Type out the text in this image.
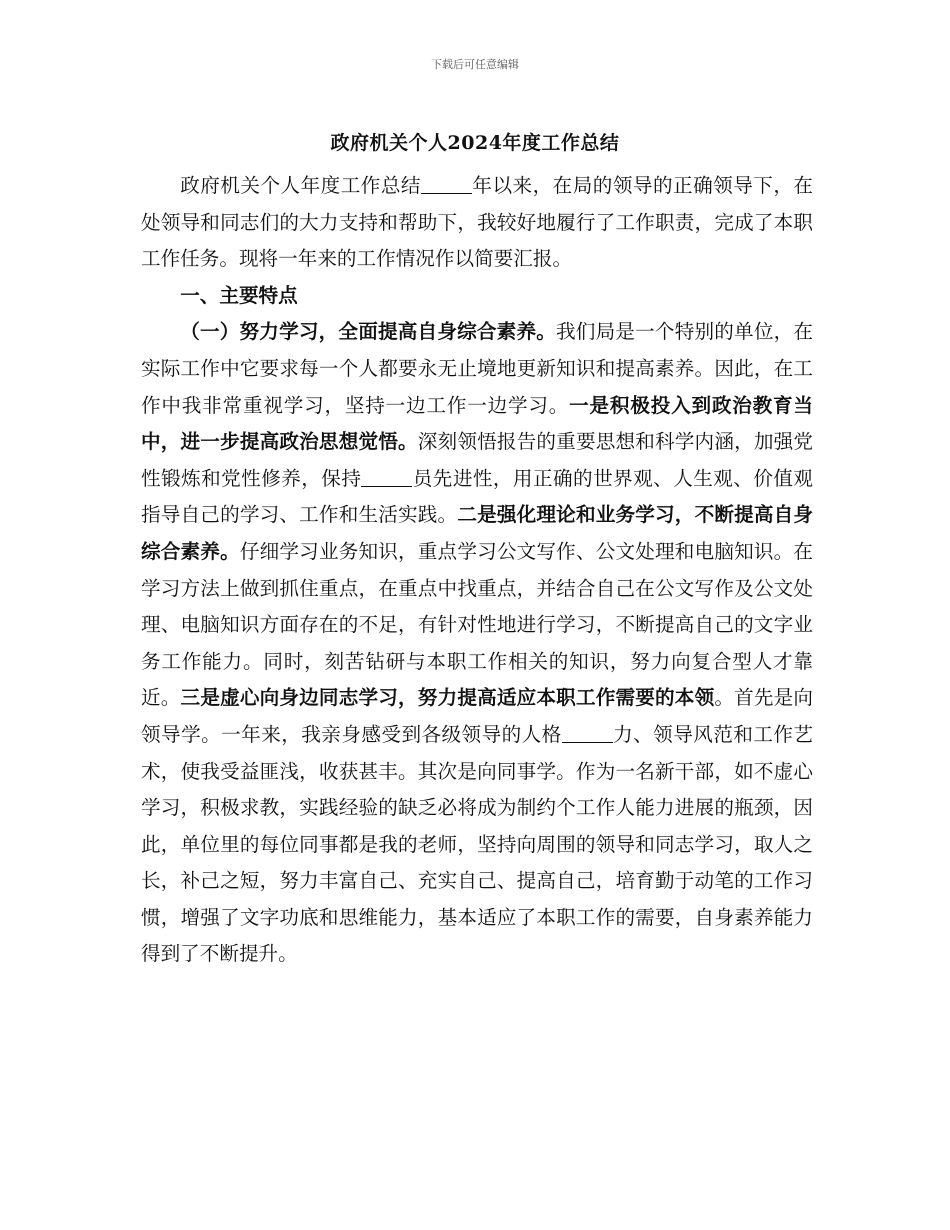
下载后可任意编辑
政府机关个人2024年度工作总结

政府机关个人年度工作总结	年以来，在局的领导的正确领导下，在处领导和同志们的大力支持和帮助下，我较好地履行了工作职责，完成了本职工作任务。现将一年来的工作情况作以简要汇报。

一、主要特点

（一）努力学习，全面提高自身综合素养。我们局是一个特别的单位，在实际工作中它要求每一个人都要永无止境地更新知识和提高素养。因此，在工作中我非常重视学习，坚持一边工作一边学习。一是积极投入到政治教育当中，进一步提高政治思想觉悟。深刻领悟报告的重要思想和科学内涵，加强党性锻炼和党性修养，保持	员先进性，用正确的世界观、人生观、价值观指导自己的学习、工作和生活实践。二是强化理论和业务学习，不断提高自身综合素养。仔细学习业务知识，重点学习公文写作、公文处理和电脑知识。在学习方法上做到抓住重点，在重点中找重点，并结合自己在公文写作及公文处理、电脑知识方面存在的不足，有针对性地进行学习，不断提高自己的文字业务工作能力。同时，刻苦钻研与本职工作相关的知识，努力向复合型人才靠近。三是虚心向身边同志学习，努力提高适应本职工作需要的本领。首先是向领导学。一年来，我亲身感受到各级领导的人格	力、领导风范和工作艺术，使我受益匪浅，收获甚丰。其次是向同事学。作为一名新干部，如不虚心学习，积极求教，实践经验的缺乏必将成为制约个工作人能力进展的瓶颈，因此，单位里的每位同事都是我的老师，坚持向周围的领导和同志学习，取人之长，补己之短，努力丰富自己、充实自己、提高自己，培育勤于动笔的工作习惯，增强了文字功底和思维能力，基本适应了本职工作的需要，自身素养能力得到了不断提升。
